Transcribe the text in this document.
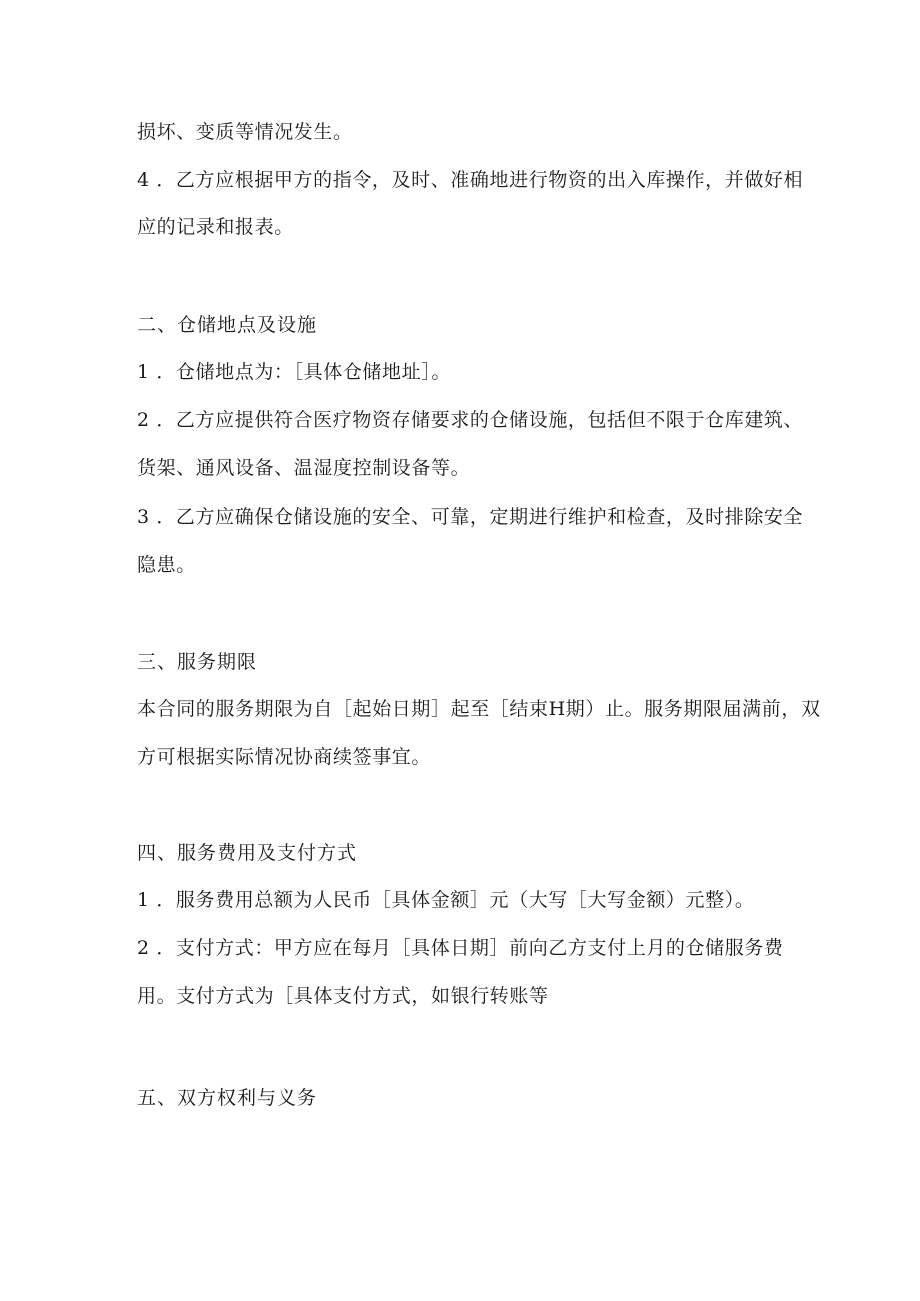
损坏、变质等情况发生。
4 ．乙方应根据甲方的指令，及时、准确地进行物资的出入库操作，并做好相
应的记录和报表。
二、仓储地点及设施
1 ．仓储地点为：［具体仓储地址］。
2 ．乙方应提供符合医疗物资存储要求的仓储设施，包括但不限于仓库建筑、
货架、通风设备、温湿度控制设备等。
3 ．乙方应确保仓储设施的安全、可靠，定期进行维护和检查，及时排除安全
隐患。
三、服务期限
本合同的服务期限为自［起始日期］起至［结束H期）止。服务期限届满前，双
方可根据实际情况协商续签事宜。
四、服务费用及支付方式
1 ．服务费用总额为人民币［具体金额］元（大写［大写金额）元整）。
2 ．支付方式：甲方应在每月［具体日期］前向乙方支付上月的仓储服务费
用。支付方式为［具体支付方式，如银行转账等
五、双方权利与义务
